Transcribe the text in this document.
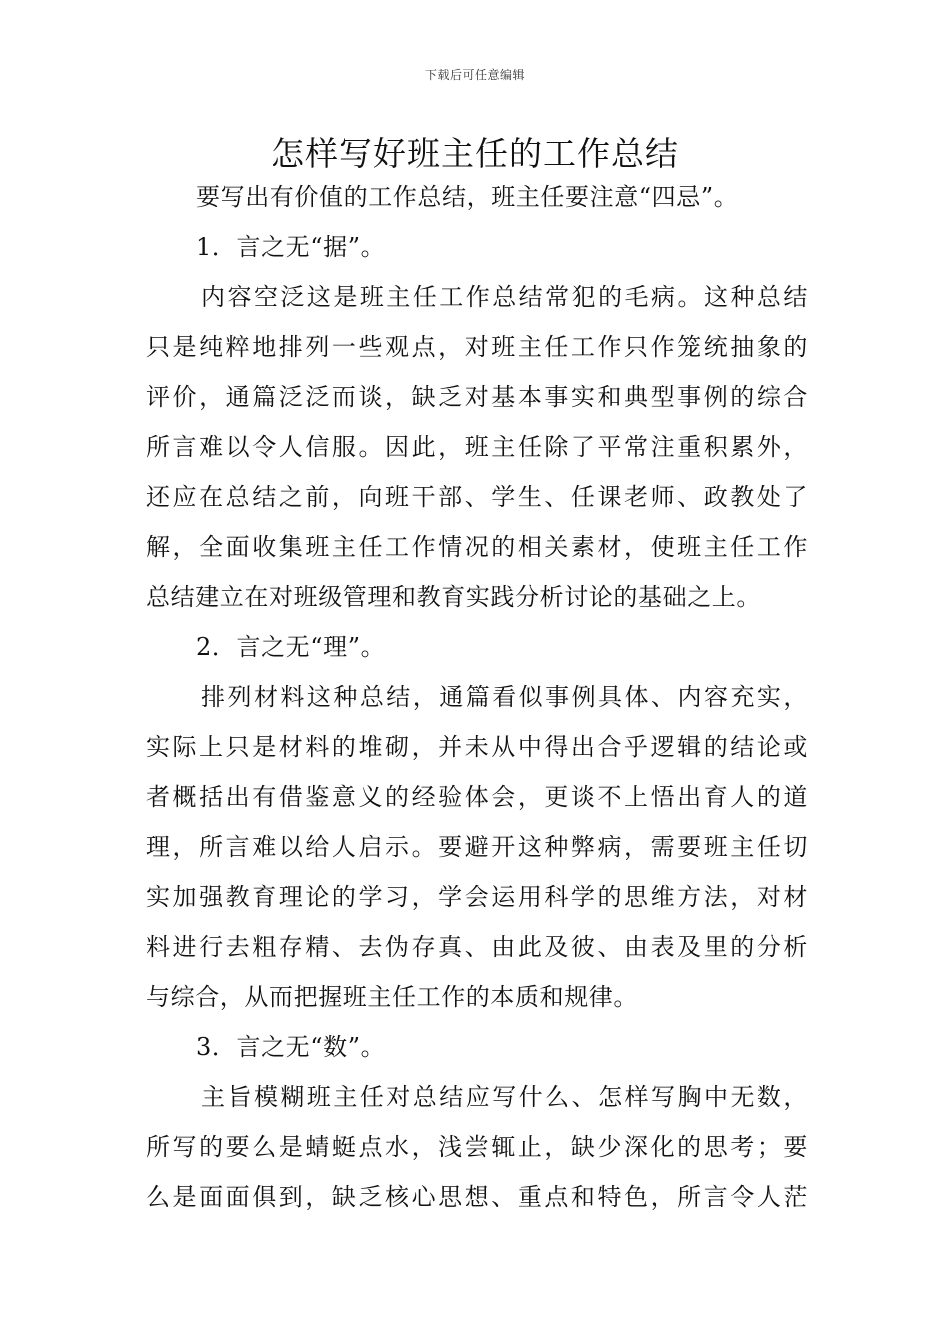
下载后可任意编辑
怎样写好班主任的工作总结
要写出有价值的工作总结，班主任要注意“四忌”。
1．言之无“据”。
内容空泛这是班主任工作总结常犯的毛病。这种总结
只是纯粹地排列一些观点，对班主任工作只作笼统抽象的
评价，通篇泛泛而谈，缺乏对基本事实和典型事例的综合
所言难以令人信服。因此，班主任除了平常注重积累外，
还应在总结之前，向班干部、学生、任课老师、政教处了
解，全面收集班主任工作情况的相关素材，使班主任工作
总结建立在对班级管理和教育实践分析讨论的基础之上。
2．言之无“理”。
排列材料这种总结，通篇看似事例具体、内容充实，
实际上只是材料的堆砌，并未从中得出合乎逻辑的结论或
者概括出有借鉴意义的经验体会，更谈不上悟出育人的道
理，所言难以给人启示。要避开这种弊病，需要班主任切
实加强教育理论的学习，学会运用科学的思维方法，对材
料进行去粗存精、去伪存真、由此及彼、由表及里的分析
与综合，从而把握班主任工作的本质和规律。
3．言之无“数”。
主旨模糊班主任对总结应写什么、怎样写胸中无数，
所写的要么是蜻蜓点水，浅尝辄止，缺少深化的思考；要
么是面面俱到，缺乏核心思想、重点和特色，所言令人茫
